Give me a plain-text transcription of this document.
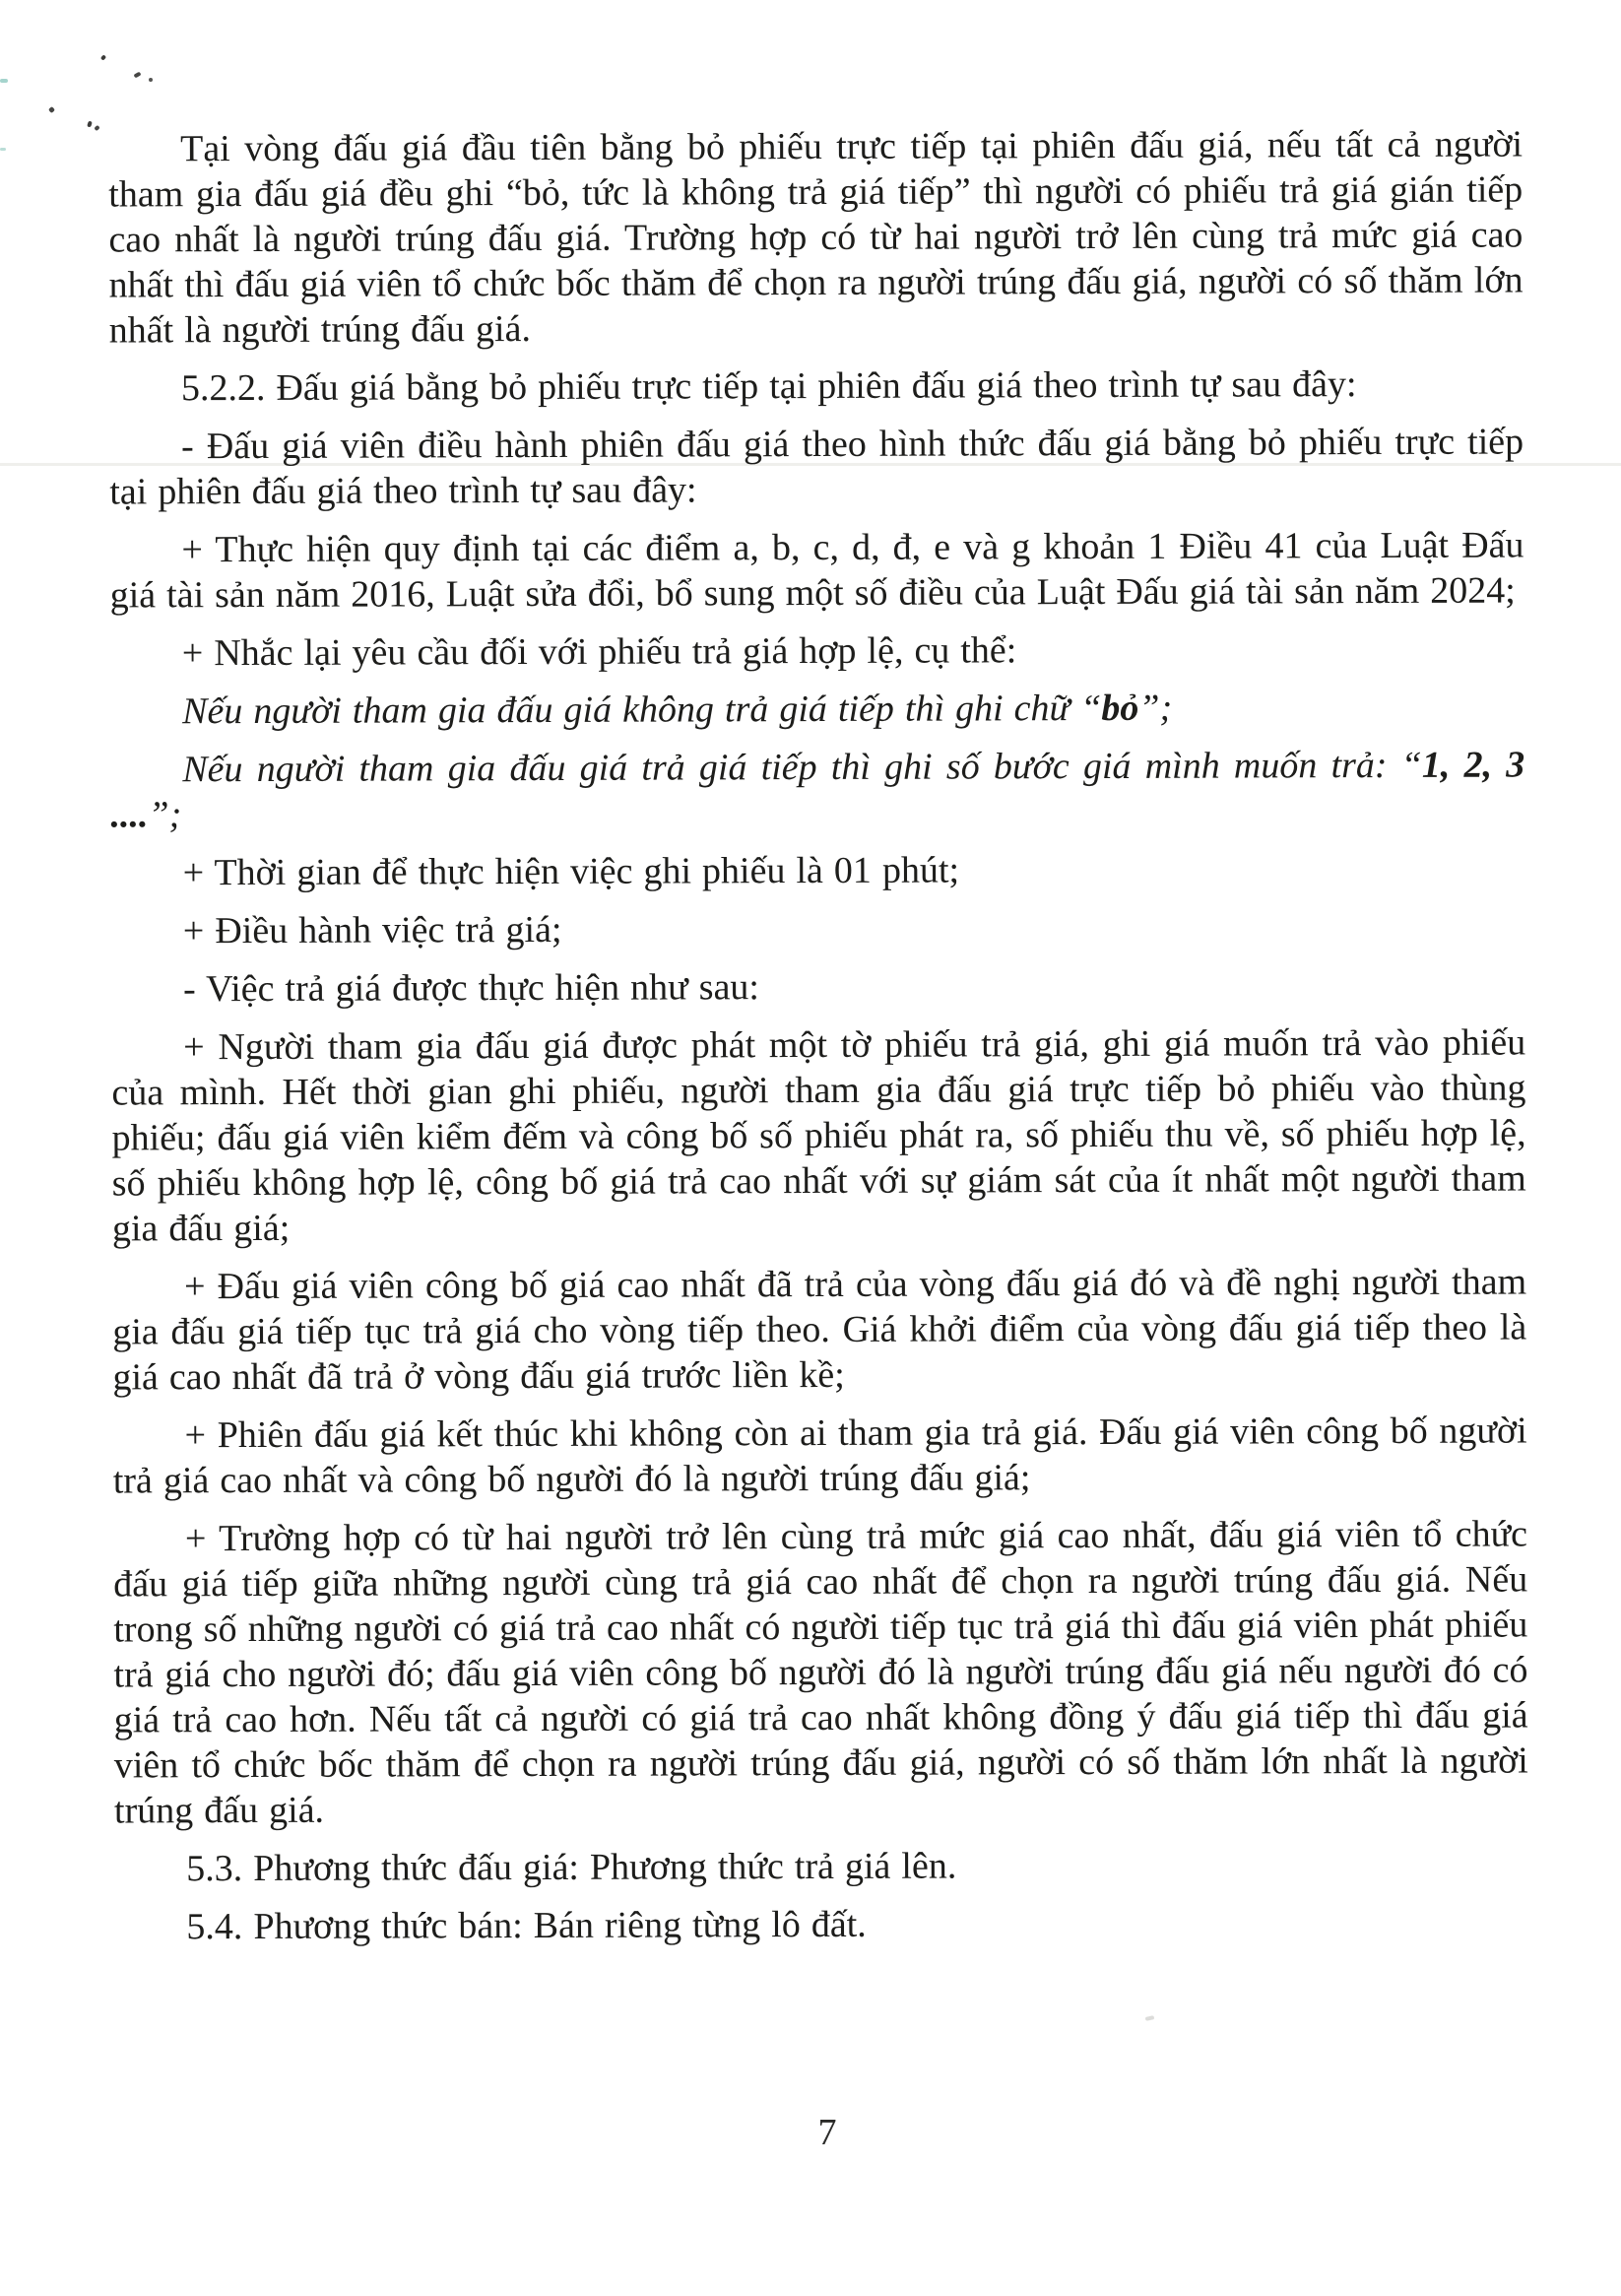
Tại vòng đấu giá đầu tiên bằng bỏ phiếu trực tiếp tại phiên đấu giá, nếu tất cả người tham gia đấu giá đều ghi “bỏ, tức là không trả giá tiếp” thì người có phiếu trả giá gián tiếp cao nhất là người trúng đấu giá. Trường hợp có từ hai người trở lên cùng trả mức giá cao nhất thì đấu giá viên tổ chức bốc thăm để chọn ra người trúng đấu giá, người có số thăm lớn nhất là người trúng đấu giá.

5.2.2. Đấu giá bằng bỏ phiếu trực tiếp tại phiên đấu giá theo trình tự sau đây:

- Đấu giá viên điều hành phiên đấu giá theo hình thức đấu giá bằng bỏ phiếu trực tiếp tại phiên đấu giá theo trình tự sau đây:

+ Thực hiện quy định tại các điểm a, b, c, d, đ, e và g khoản 1 Điều 41 của Luật Đấu giá tài sản năm 2016, Luật sửa đổi, bổ sung một số điều của Luật Đấu giá tài sản năm 2024;

+ Nhắc lại yêu cầu đối với phiếu trả giá hợp lệ, cụ thể:

Nếu người tham gia đấu giá không trả giá tiếp thì ghi chữ “bỏ”;

Nếu người tham gia đấu giá trả giá tiếp thì ghi số bước giá mình muốn trả: “1, 2, 3 ....”;

+ Thời gian để thực hiện việc ghi phiếu là 01 phút;

+ Điều hành việc trả giá;

- Việc trả giá được thực hiện như sau:

+ Người tham gia đấu giá được phát một tờ phiếu trả giá, ghi giá muốn trả vào phiếu của mình. Hết thời gian ghi phiếu, người tham gia đấu giá trực tiếp bỏ phiếu vào thùng phiếu; đấu giá viên kiểm đếm và công bố số phiếu phát ra, số phiếu thu về, số phiếu hợp lệ, số phiếu không hợp lệ, công bố giá trả cao nhất với sự giám sát của ít nhất một người tham gia đấu giá;

+ Đấu giá viên công bố giá cao nhất đã trả của vòng đấu giá đó và đề nghị người tham gia đấu giá tiếp tục trả giá cho vòng tiếp theo. Giá khởi điểm của vòng đấu giá tiếp theo là giá cao nhất đã trả ở vòng đấu giá trước liền kề;

+ Phiên đấu giá kết thúc khi không còn ai tham gia trả giá. Đấu giá viên công bố người trả giá cao nhất và công bố người đó là người trúng đấu giá;

+ Trường hợp có từ hai người trở lên cùng trả mức giá cao nhất, đấu giá viên tổ chức đấu giá tiếp giữa những người cùng trả giá cao nhất để chọn ra người trúng đấu giá. Nếu trong số những người có giá trả cao nhất có người tiếp tục trả giá thì đấu giá viên phát phiếu trả giá cho người đó; đấu giá viên công bố người đó là người trúng đấu giá nếu người đó có giá trả cao hơn. Nếu tất cả người có giá trả cao nhất không đồng ý đấu giá tiếp thì đấu giá viên tổ chức bốc thăm để chọn ra người trúng đấu giá, người có số thăm lớn nhất là người trúng đấu giá.

5.3. Phương thức đấu giá: Phương thức trả giá lên.

5.4. Phương thức bán: Bán riêng từng lô đất.

7
